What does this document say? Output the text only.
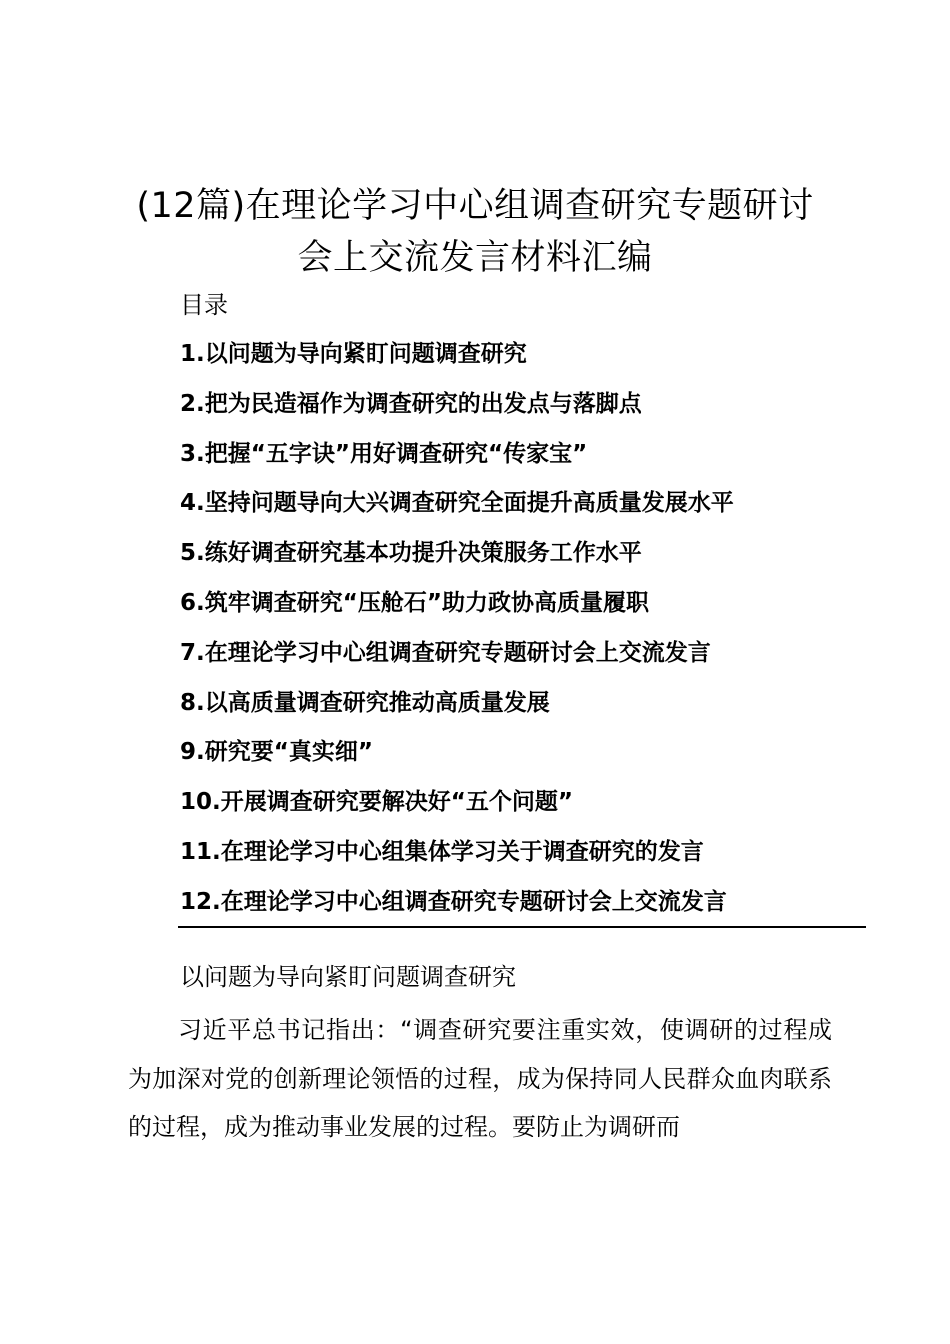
(12篇)在理论学习中心组调查研究专题研讨
会上交流发言材料汇编
目录
1.以问题为导向紧盯问题调查研究
2.把为民造福作为调查研究的出发点与落脚点
3.把握“五字诀”用好调查研究“传家宝”
4.坚持问题导向大兴调查研究全面提升高质量发展水平
5.练好调查研究基本功提升决策服务工作水平
6.筑牢调查研究“压舱石”助力政协高质量履职
7.在理论学习中心组调查研究专题研讨会上交流发言
8.以高质量调查研究推动高质量发展
9.研究要“真实细”
10.开展调查研究要解决好“五个问题”
11.在理论学习中心组集体学习关于调查研究的发言
12.在理论学习中心组调查研究专题研讨会上交流发言
以问题为导向紧盯问题调查研究

习近平总书记指出：“调查研究要注重实效，使调研的过程成为加深对党的创新理论领悟的过程，成为保持同人民群众血肉联系的过程，成为推动事业发展的过程。要防止为调研而
